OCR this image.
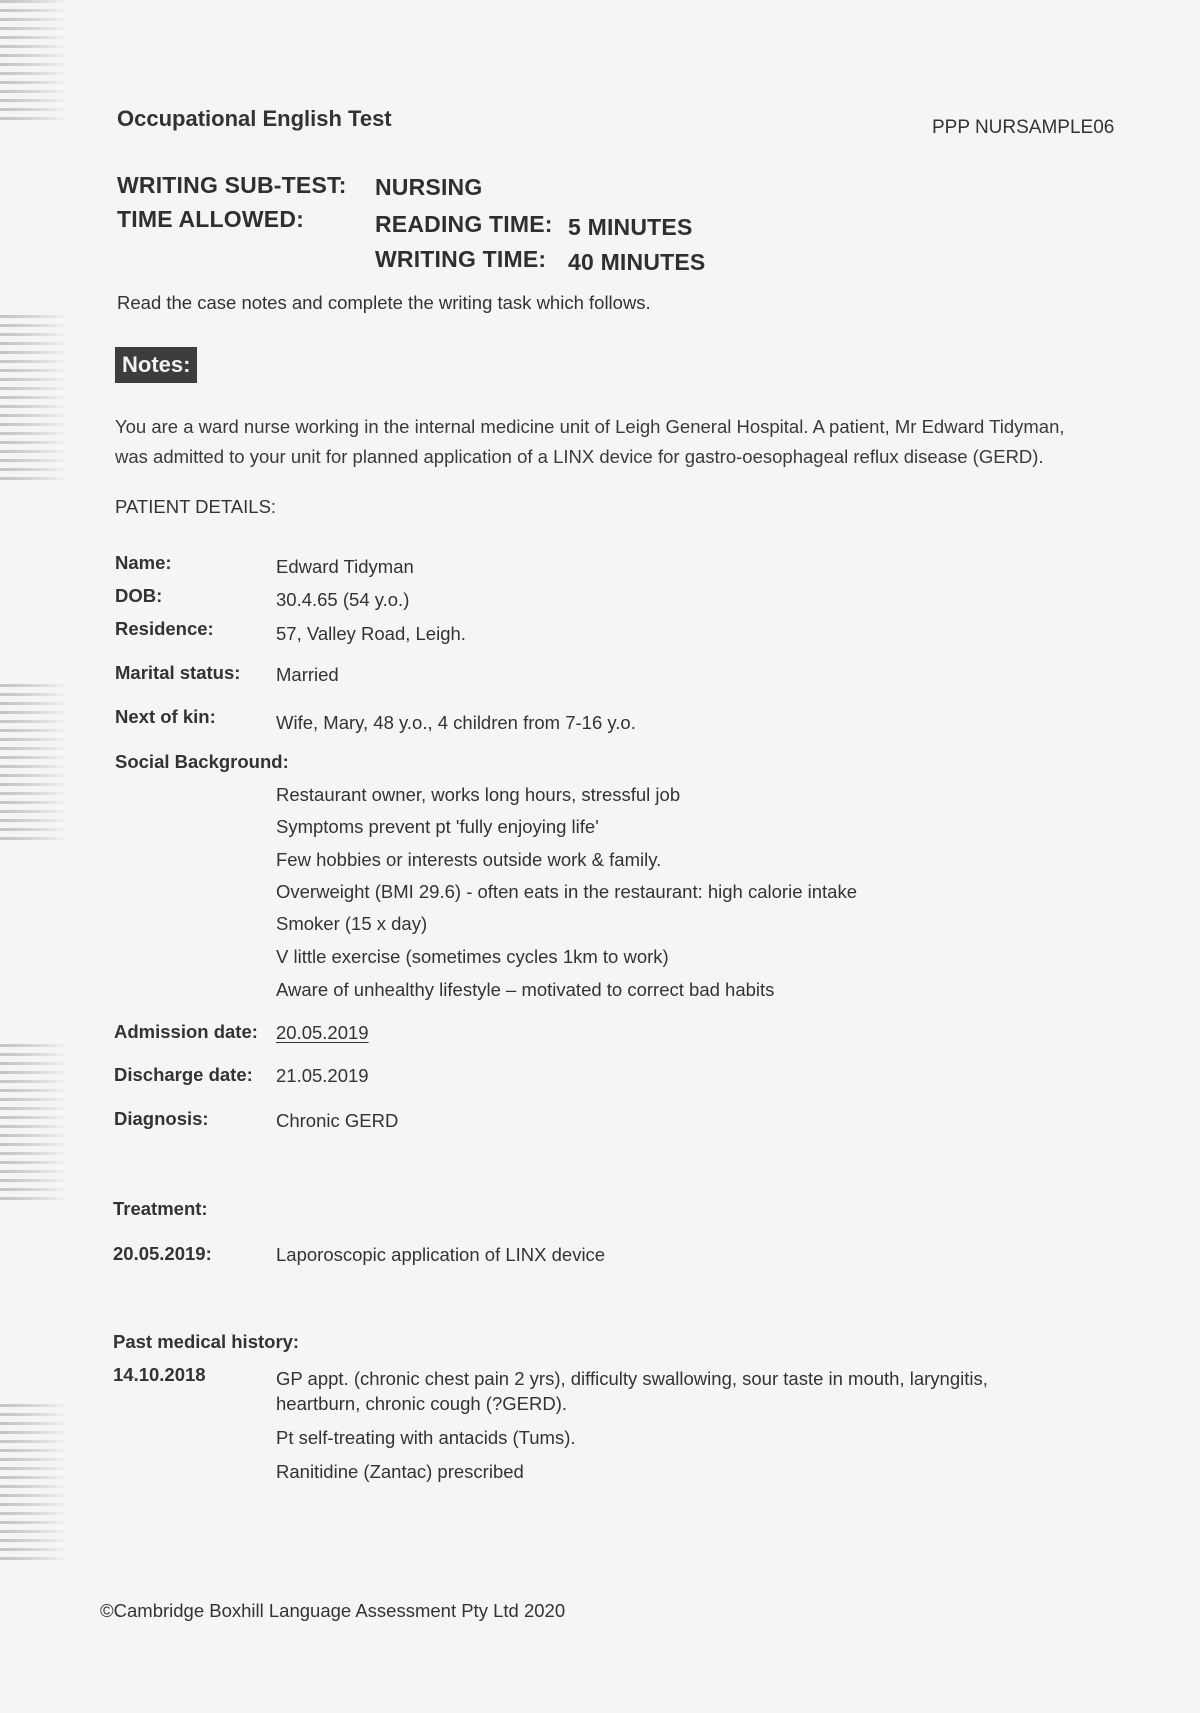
Occupational English Test	PPP NURSAMPLE06
WRITING SUB-TEST: NURSING
TIME ALLOWED:	READING TIME: 5 MINUTES
WRITING TIME: 40 MINUTES
Read the case notes and complete the writing task which follows.
Notes:
You are a ward nurse working in the internal medicine unit of Leigh General Hospital. A patient, Mr Edward Tidyman,
was admitted to your unit for planned application of a LINX device for gastro-oesophageal reflux disease (GERD).
PATIENT DETAILS:
Name:	Edward Tidyman
DOB:	30.4.65 (54 y.o.)
Residence:	57, Valley Road, Leigh.
Marital status: Married
Next of kin:	Wife, Mary, 48 y.o., 4 children from 7-16 y.o.
Social Background:
Restaurant owner, works long hours, stressful job
Symptoms prevent pt 'fully enjoying life'
Few hobbies or interests outside work & family.
Overweight (BMI 29.6) - often eats in the restaurant: high calorie intake
Smoker (15 x day)
V little exercise (sometimes cycles 1km to work)
Aware of unhealthy lifestyle – motivated to correct bad habits
Admission date: 20.05.2019
Discharge date: 21.05.2019
Diagnosis:	Chronic GERD
Treatment:
20.05.2019:	Laporoscopic application of LINX device
Past medical history:
14.10.2018	GP appt. (chronic chest pain 2 yrs), difficulty swallowing, sour taste in mouth, laryngitis,
heartburn, chronic cough (?GERD).
Pt self-treating with antacids (Tums).
Ranitidine (Zantac) prescribed
©Cambridge Boxhill Language Assessment Pty Ltd 2020
